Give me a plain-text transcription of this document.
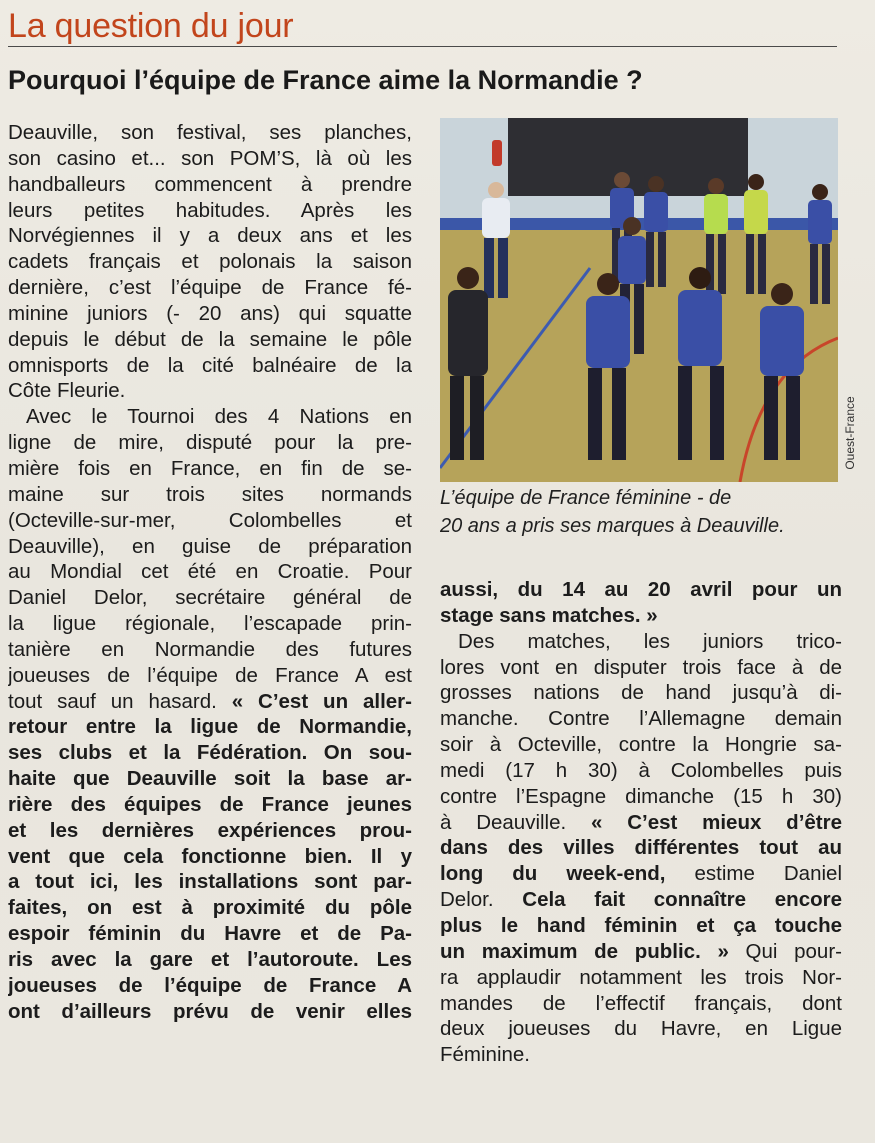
La question du jour
Pourquoi l’équipe de France aime la Normandie ?
Deauville, son festival, ses planches,
son casino et... son POM’S, là où les
handballeurs commencent à prendre
leurs petites habitudes. Après les
Norvégiennes il y a deux ans et les
cadets français et polonais la saison
dernière, c’est l’équipe de France fé-
minine juniors (- 20 ans) qui squatte
depuis le début de la semaine le pôle
omnisports de la cité balnéaire de la
Côte Fleurie.
Avec le Tournoi des 4 Nations en
ligne de mire, disputé pour la pre-
mière fois en France, en fin de se-
maine sur trois sites normands
(Octeville-sur-mer, Colombelles et
Deauville), en guise de préparation
au Mondial cet été en Croatie. Pour
Daniel Delor, secrétaire général de
la ligue régionale, l’escapade prin-
tanière en Normandie des futures
joueuses de l’équipe de France A est
tout sauf un hasard. « C’est un aller-
retour entre la ligue de Normandie,
ses clubs et la Fédération. On sou-
haite que Deauville soit la base ar-
rière des équipes de France jeunes
et les dernières expériences prou-
vent que cela fonctionne bien. Il y
a tout ici, les installations sont par-
faites, on est à proximité du pôle
espoir féminin du Havre et de Pa-
ris avec la gare et l’autoroute. Les
joueuses de l’équipe de France A
ont d’ailleurs prévu de venir elles
Ouest-France
L’équipe de France féminine - de
20 ans a pris ses marques à Deauville.
aussi, du 14 au 20 avril pour un
stage sans matches. »
Des matches, les juniors trico-
lores vont en disputer trois face à de
grosses nations de hand jusqu’à di-
manche. Contre l’Allemagne demain
soir à Octeville, contre la Hongrie sa-
medi (17 h 30) à Colombelles puis
contre l’Espagne dimanche (15 h 30)
à Deauville. « C’est mieux d’être
dans des villes différentes tout au
long du week-end, estime Daniel
Delor. Cela fait connaître encore
plus le hand féminin et ça touche
un maximum de public. » Qui pour-
ra applaudir notamment les trois Nor-
mandes de l’effectif français, dont
deux joueuses du Havre, en Ligue
Féminine.
